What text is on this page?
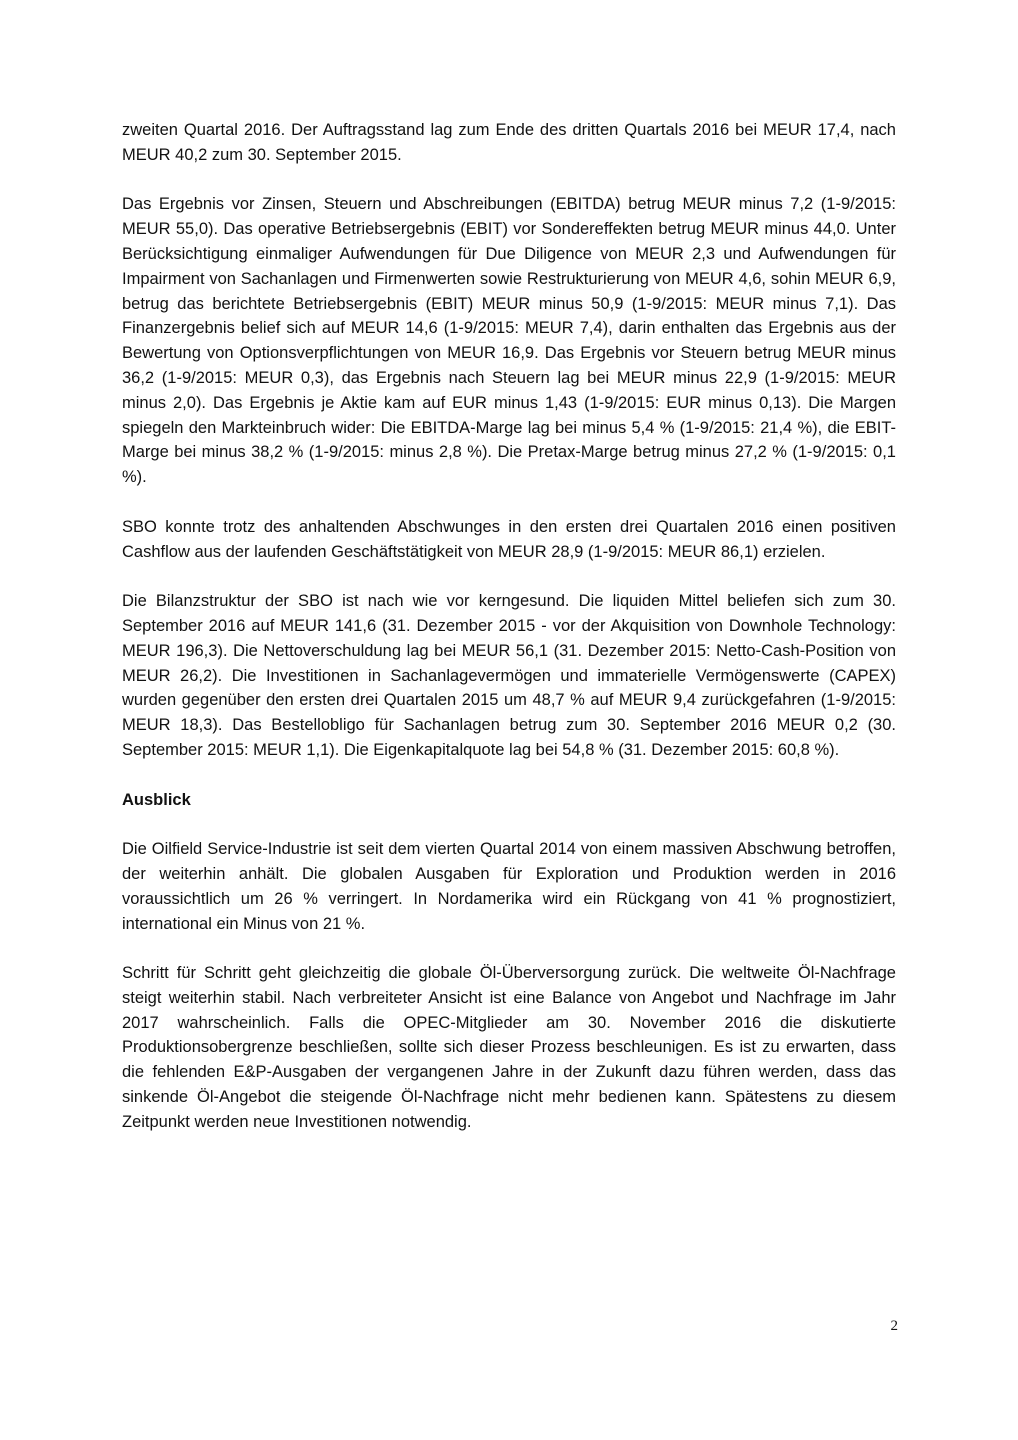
zweiten Quartal 2016. Der Auftragsstand lag zum Ende des dritten Quartals 2016 bei MEUR 17,4, nach MEUR 40,2 zum 30. September 2015.

Das Ergebnis vor Zinsen, Steuern und Abschreibungen (EBITDA) betrug MEUR minus 7,2 (1-9/2015: MEUR 55,0). Das operative Betriebsergebnis (EBIT) vor Sondereffekten betrug MEUR minus 44,0. Unter Berücksichtigung einmaliger Aufwendungen für Due Diligence von MEUR 2,3 und Aufwendungen für Impairment von Sachanlagen und Firmenwerten sowie Restrukturierung von MEUR 4,6, sohin MEUR 6,9, betrug das berichtete Betriebsergebnis (EBIT) MEUR minus 50,9 (1-9/2015: MEUR minus 7,1). Das Finanzergebnis belief sich auf MEUR 14,6 (1-9/2015: MEUR 7,4), darin enthalten das Ergebnis aus der Bewertung von Optionsverpflichtungen von MEUR 16,9. Das Ergebnis vor Steuern betrug MEUR minus 36,2 (1-9/2015: MEUR 0,3), das Ergebnis nach Steuern lag bei MEUR minus 22,9 (1-9/2015: MEUR minus 2,0). Das Ergebnis je Aktie kam auf EUR minus 1,43 (1-9/2015: EUR minus 0,13). Die Margen spiegeln den Markteinbruch wider: Die EBITDA-Marge lag bei minus 5,4 % (1-9/2015: 21,4 %), die EBIT-Marge bei minus 38,2 % (1-9/2015: minus 2,8 %). Die Pretax-Marge betrug minus 27,2 % (1-9/2015: 0,1 %).

SBO konnte trotz des anhaltenden Abschwunges in den ersten drei Quartalen 2016 einen positiven Cashflow aus der laufenden Geschäftstätigkeit von MEUR 28,9 (1-9/2015: MEUR 86,1) erzielen.

Die Bilanzstruktur der SBO ist nach wie vor kerngesund. Die liquiden Mittel beliefen sich zum 30. September 2016 auf MEUR 141,6 (31. Dezember 2015 - vor der Akquisition von Downhole Technology: MEUR 196,3). Die Nettoverschuldung lag bei MEUR 56,1 (31. Dezember 2015: Netto-Cash-Position von MEUR 26,2). Die Investitionen in Sachanlagevermögen und immaterielle Vermögenswerte (CAPEX) wurden gegenüber den ersten drei Quartalen 2015 um 48,7 % auf MEUR 9,4 zurückgefahren (1-9/2015: MEUR 18,3). Das Bestellobligo für Sachanlagen betrug zum 30. September 2016 MEUR 0,2 (30. September 2015: MEUR 1,1). Die Eigenkapitalquote lag bei 54,8 % (31. Dezember 2015: 60,8 %).

Ausblick

Die Oilfield Service-Industrie ist seit dem vierten Quartal 2014 von einem massiven Abschwung betroffen, der weiterhin anhält. Die globalen Ausgaben für Exploration und Produktion werden in 2016 voraussichtlich um 26 % verringert. In Nordamerika wird ein Rückgang von 41 % prognostiziert, international ein Minus von 21 %.

Schritt für Schritt geht gleichzeitig die globale Öl-Überversorgung zurück. Die weltweite Öl-Nachfrage steigt weiterhin stabil. Nach verbreiteter Ansicht ist eine Balance von Angebot und Nachfrage im Jahr 2017 wahrscheinlich. Falls die OPEC-Mitglieder am 30. November 2016 die diskutierte Produktionsobergrenze beschließen, sollte sich dieser Prozess beschleunigen. Es ist zu erwarten, dass die fehlenden E&P-Ausgaben der vergangenen Jahre in der Zukunft dazu führen werden, dass das sinkende Öl-Angebot die steigende Öl-Nachfrage nicht mehr bedienen kann. Spätestens zu diesem Zeitpunkt werden neue Investitionen notwendig.

2
